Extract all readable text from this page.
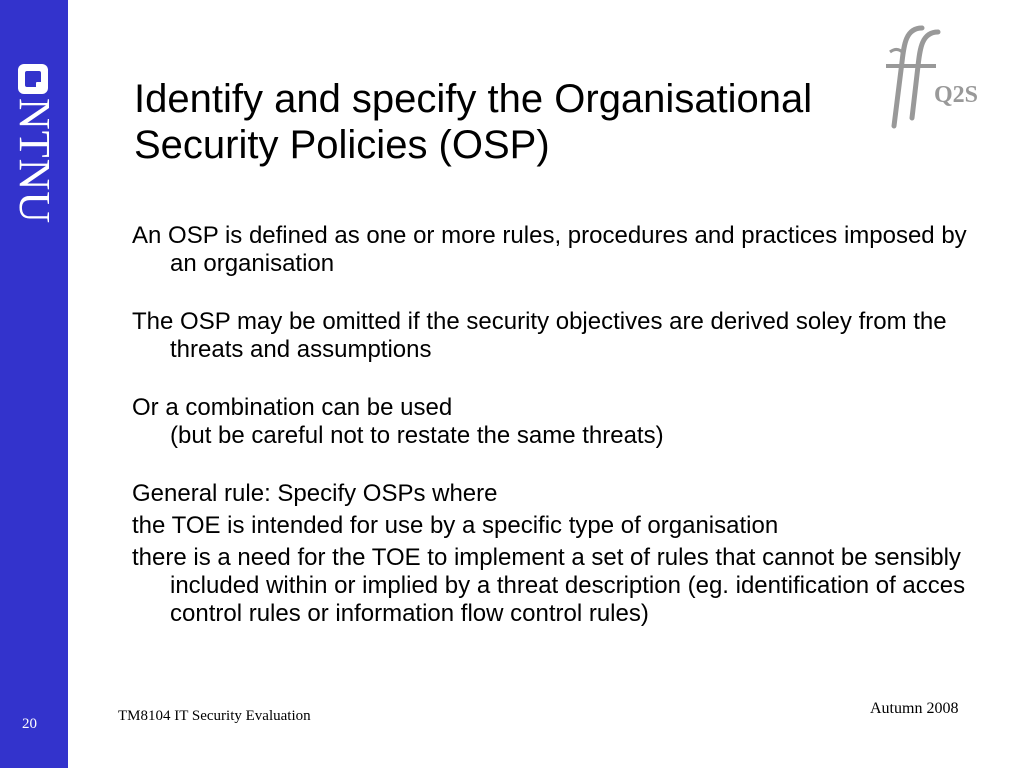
NTNU
20
Q2S
Identify and specify the Organisational
Security Policies (OSP)

An OSP is defined as one or more rules, procedures and practices imposed by an organisation

The OSP may be omitted if the security objectives are derived soley from the threats and assumptions

Or a combination can be used

(but be careful not to restate the same threats)

General rule: Specify OSPs where

the TOE is intended for use by a specific type of organisation

there is a need for the TOE to implement a set of rules that cannot be sensibly included within or implied by a threat description (eg. identification of acces control rules or information flow control rules)

TM8104 IT Security Evaluation	Autumn 2008
